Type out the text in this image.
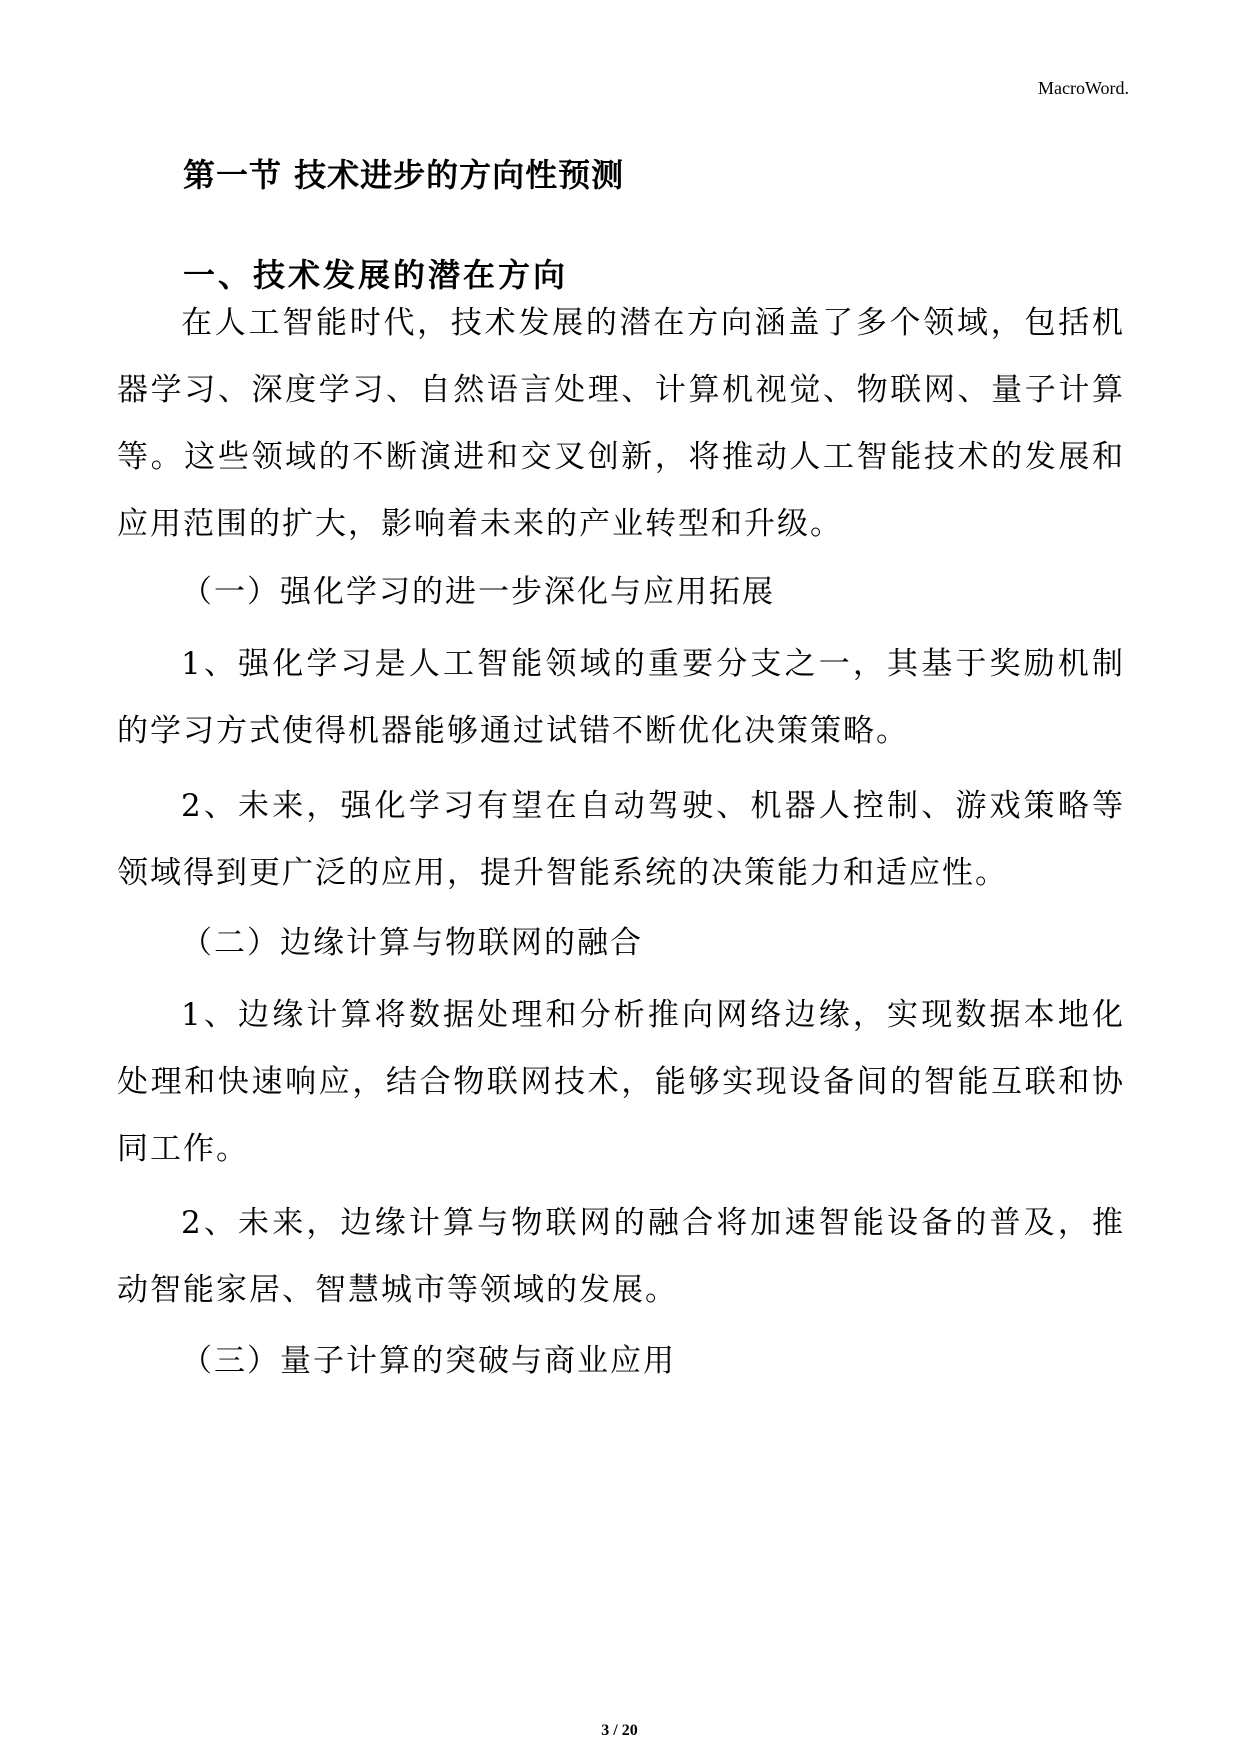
MacroWord.
第一节 技术进步的方向性预测
一、技术发展的潜在方向
在人工智能时代，技术发展的潜在方向涵盖了多个领域，包括机器学习、深度学习、自然语言处理、计算机视觉、物联网、量子计算等。这些领域的不断演进和交叉创新，将推动人工智能技术的发展和应用范围的扩大，影响着未来的产业转型和升级。
（一）强化学习的进一步深化与应用拓展
1、强化学习是人工智能领域的重要分支之一，其基于奖励机制的学习方式使得机器能够通过试错不断优化决策策略。
2、未来，强化学习有望在自动驾驶、机器人控制、游戏策略等领域得到更广泛的应用，提升智能系统的决策能力和适应性。
（二）边缘计算与物联网的融合
1、边缘计算将数据处理和分析推向网络边缘，实现数据本地化处理和快速响应，结合物联网技术，能够实现设备间的智能互联和协同工作。
2、未来，边缘计算与物联网的融合将加速智能设备的普及，推动智能家居、智慧城市等领域的发展。
（三）量子计算的突破与商业应用
3 / 20
